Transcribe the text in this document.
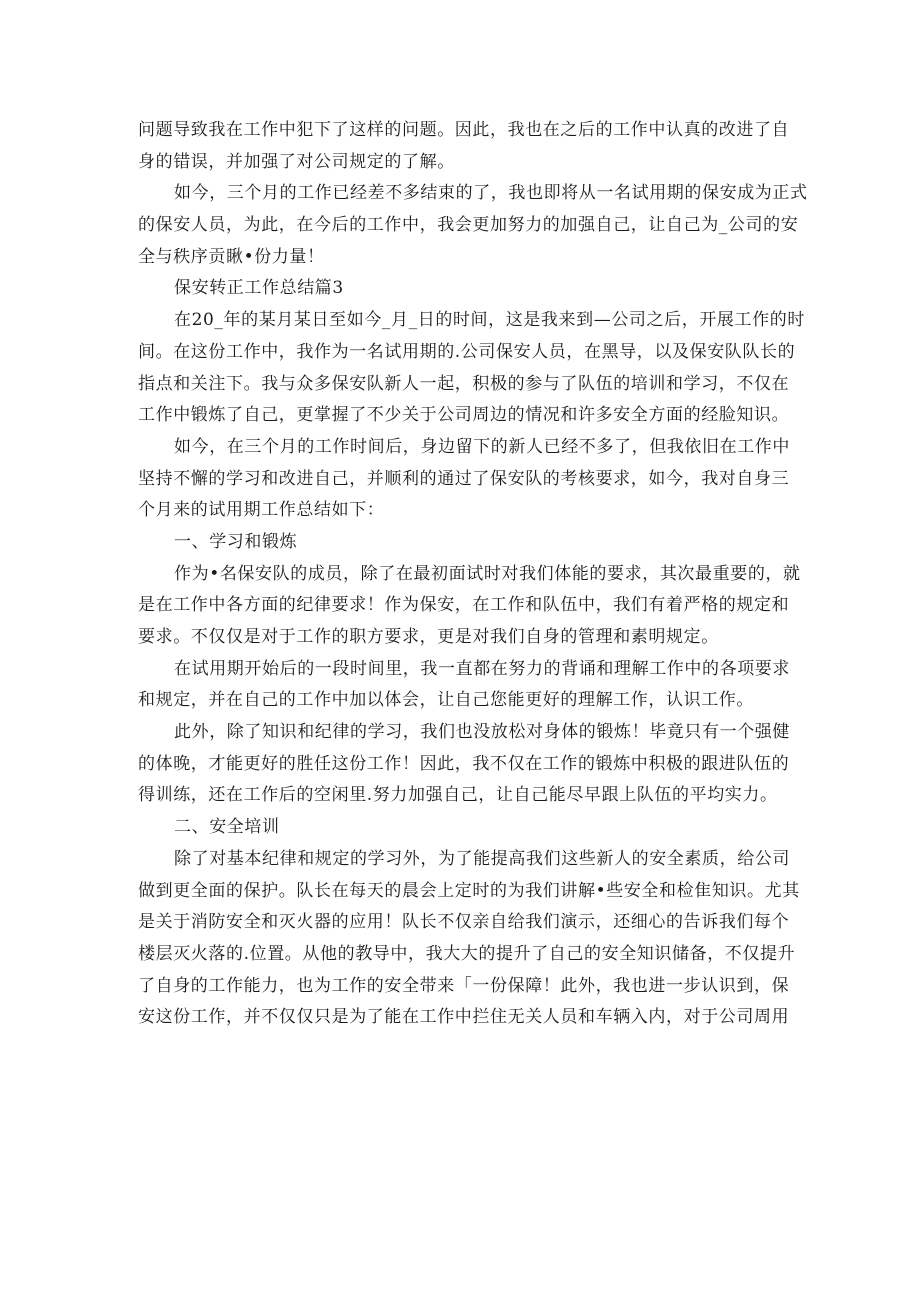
问题导致我在工作中犯下了这样的问题。因此，我也在之后的工作中认真的改进了自
身的错误，并加强了对公司规定的了解。
如今，三个月的工作已经差不多结束的了，我也即将从一名试用期的保安成为正式
的保安人员，为此，在今后的工作中，我会更加努力的加强自己，让自己为_公司的安
全与秩序贡瞅•份力量！
保安转正工作总结篇3
在20_年的某月某日至如今_月_日的时间，这是我来到—公司之后，开展工作的时
间。在这份工作中，我作为一名试用期的.公司保安人员，在黑导，以及保安队队长的
指点和关注下。我与众多保安队新人一起，积极的参与了队伍的培训和学习，不仅在
工作中锻炼了自己，更掌握了不少关于公司周边的情况和许多安全方面的经脸知识。
如今，在三个月的工作时间后，身边留下的新人已经不多了，但我依旧在工作中
坚持不懈的学习和改进自己，并顺利的通过了保安队的考核要求，如今，我对自身三
个月来的试用期工作总结如下：
一、学习和锻炼
作为•名保安队的成员，除了在最初面试时对我们体能的要求，其次最重要的，就
是在工作中各方面的纪律要求！作为保安，在工作和队伍中，我们有着严格的规定和
要求。不仅仅是对于工作的职方要求，更是对我们自身的管理和素明规定。
在试用期开始后的一段时间里，我一直都在努力的背诵和理解工作中的各项要求
和规定，并在自己的工作中加以体会，让自己您能更好的理解工作，认识工作。
此外，除了知识和纪律的学习，我们也没放松对身体的锻炼！毕竟只有一个强健
的体晚，才能更好的胜任这份工作！因此，我不仅在工作的锻炼中积极的跟进队伍的
得训练，还在工作后的空闲里.努力加强自己，让自己能尽早跟上队伍的平均实力。
二、安全培训
除了对基本纪律和规定的学习外，为了能提高我们这些新人的安全素质，给公司
做到更全面的保护。队长在每天的晨会上定时的为我们讲解•些安全和检隹知识。尤其
是关于消防安全和灭火器的应用！队长不仅亲自给我们演示，还细心的告诉我们每个
楼层灭火落的.位置。从他的教导中，我大大的提升了自己的安全知识储备，不仅提升
了自身的工作能力，也为工作的安全带来「一份保障！此外，我也进一步认识到，保
安这份工作，并不仅仅只是为了能在工作中拦住无关人员和车辆入内，对于公司周用
